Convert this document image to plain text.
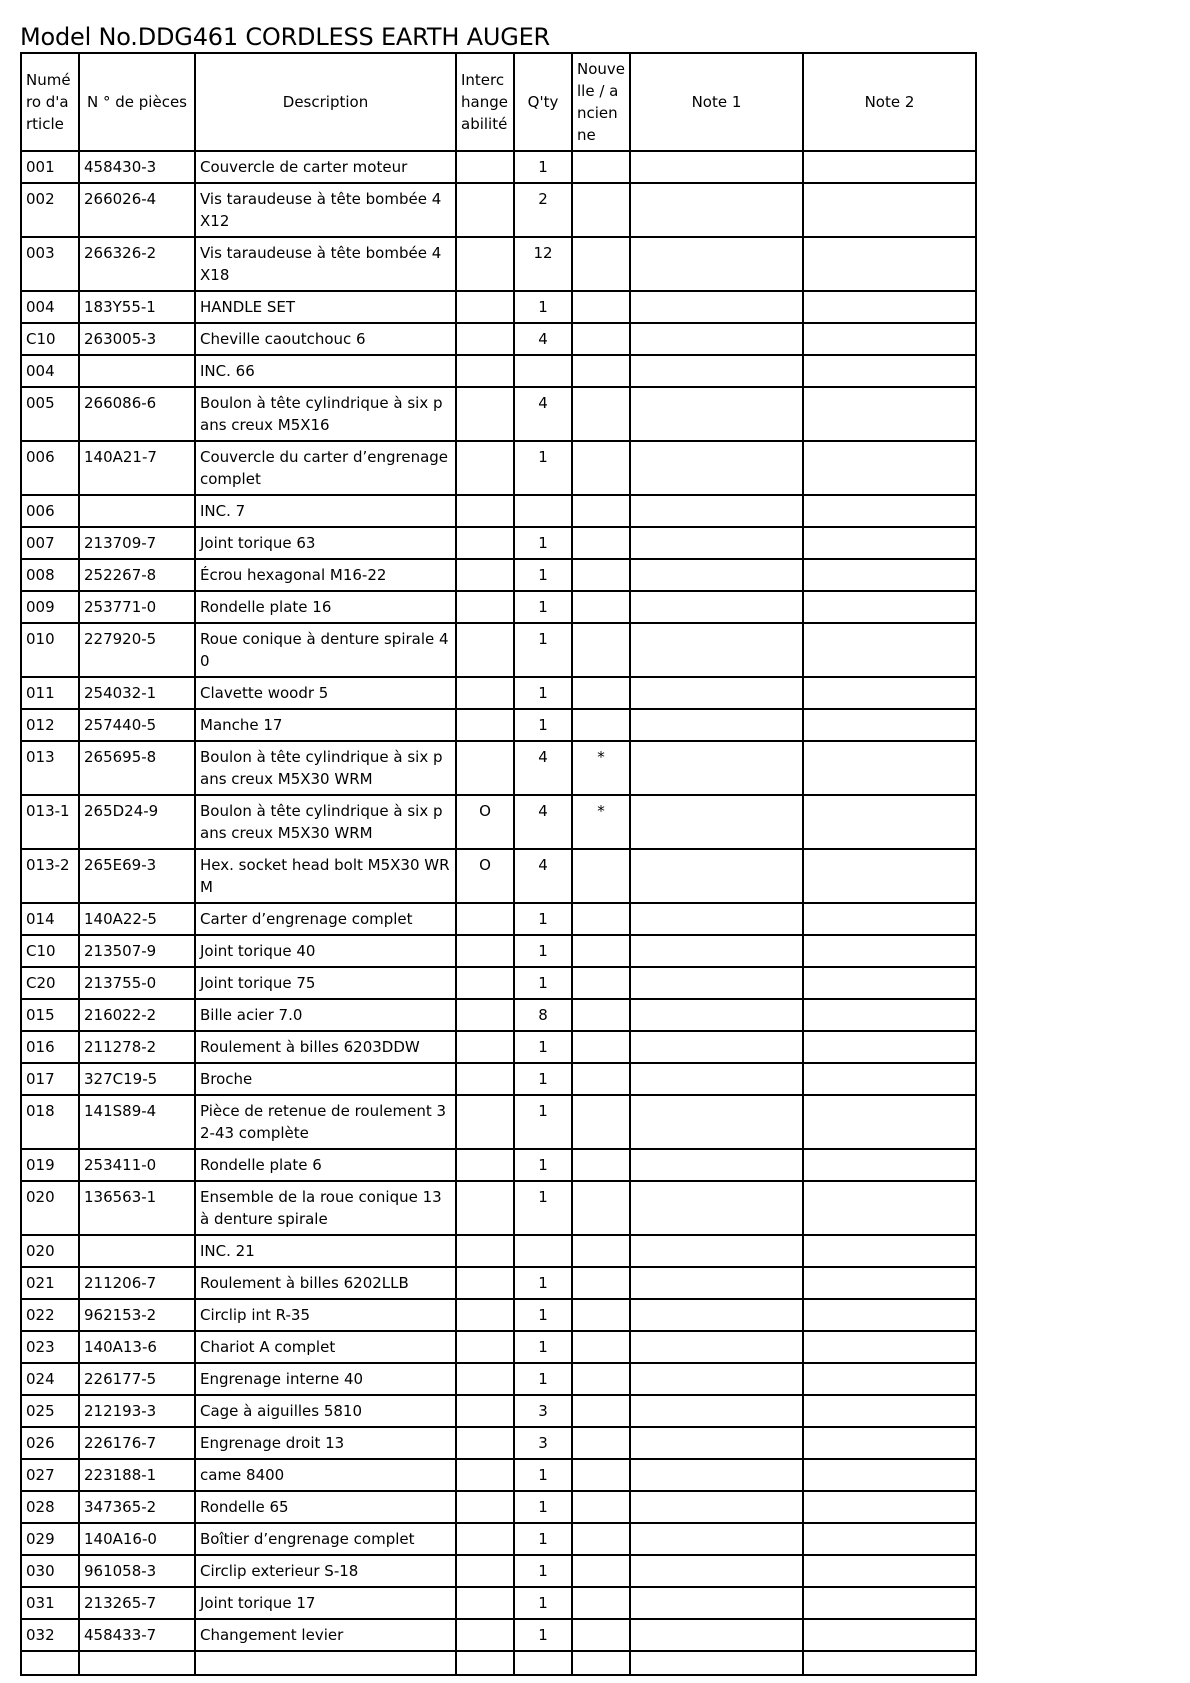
Model No.DDG461 CORDLESS EARTH AUGER
Numéro d'article	N ° de pièces	Description	Interchangeabilité	Q'ty	Nouvelle / ancienne	Note 1	Note 2

001	458430-3	Couvercle de carter moteur		1			

002	266026-4	Vis taraudeuse à tête bombée 4X12		2			

003	266326-2	Vis taraudeuse à tête bombée 4X18		12			

004	183Y55-1	HANDLE SET		1			

C10	263005-3	Cheville caoutchouc 6		4			

004		INC. 66					

005	266086-6	Boulon à tête cylindrique à six pans creux M5X16		4			

006	140A21-7	Couvercle du carter d’engrenage complet		1			

006		INC. 7					

007	213709-7	Joint torique 63		1			

008	252267-8	Écrou hexagonal M16-22		1			

009	253771-0	Rondelle plate 16		1			

010	227920-5	Roue conique à denture spirale 40		1			

011	254032-1	Clavette woodr 5		1			

012	257440-5	Manche 17		1			

013	265695-8	Boulon à tête cylindrique à six pans creux M5X30 WRM		4	*		

013-1	265D24-9	Boulon à tête cylindrique à six pans creux M5X30 WRM	O	4	*		

013-2	265E69-3	Hex. socket head bolt M5X30 WRM	O	4			

014	140A22-5	Carter d’engrenage complet		1			

C10	213507-9	Joint torique 40		1			

C20	213755-0	Joint torique 75		1			

015	216022-2	Bille acier 7.0		8			

016	211278-2	Roulement à billes 6203DDW		1			

017	327C19-5	Broche		1			

018	141S89-4	Pièce de retenue de roulement 32-43 complète		1			

019	253411-0	Rondelle plate 6		1			

020	136563-1	Ensemble de la roue conique 13 à denture spirale		1			

020		INC. 21					

021	211206-7	Roulement à billes 6202LLB		1			

022	962153-2	Circlip int R-35		1			

023	140A13-6	Chariot A complet		1			

024	226177-5	Engrenage interne 40		1			

025	212193-3	Cage à aiguilles 5810		3			

026	226176-7	Engrenage droit 13		3			

027	223188-1	came 8400		1			

028	347365-2	Rondelle 65		1			

029	140A16-0	Boîtier d’engrenage complet		1			

030	961058-3	Circlip exterieur S-18		1			

031	213265-7	Joint torique 17		1			

032	458433-7	Changement levier		1			
